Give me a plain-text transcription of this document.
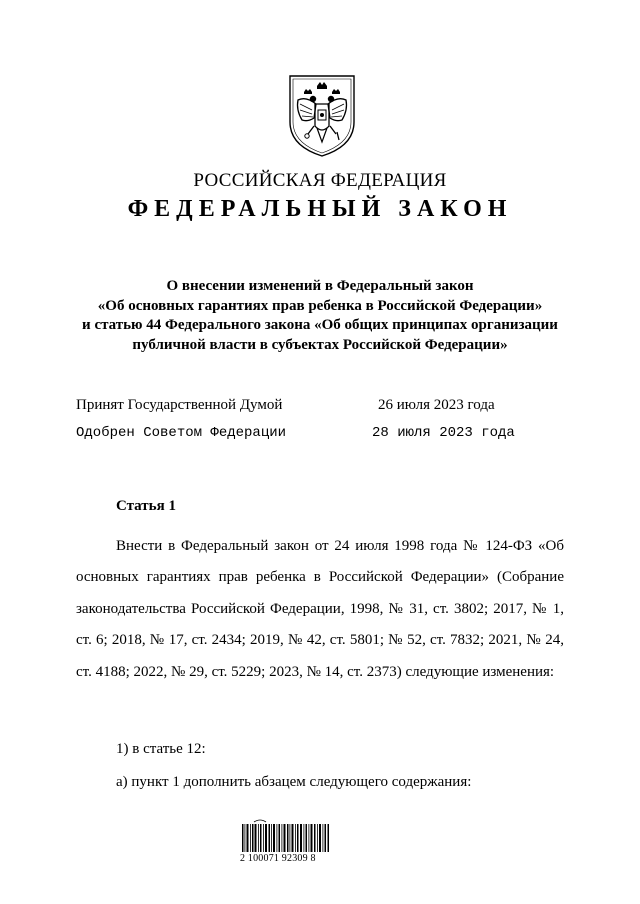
РОССИЙСКАЯ ФЕДЕРАЦИЯ
ФЕДЕРАЛЬНЫЙ ЗАКОН
О внесении изменений в Федеральный закон
«Об основных гарантиях прав ребенка в Российской Федерации»
и статью 44 Федерального закона «Об общих принципах организации
публичной власти в субъектах Российской Федерации»
Принят Государственной Думой	26 июля 2023 года
Одобрен Советом Федерации	28 июля 2023 года
Статья 1
Внести в Федеральный закон от 24 июля 1998 года № 124-ФЗ «Об основных гарантиях прав ребенка в Российской Федерации» (Собрание законодательства Российской Федерации, 1998, № 31, ст. 3802; 2017, № 1, ст. 6; 2018, № 17, ст. 2434; 2019, № 42, ст. 5801; № 52, ст. 7832; 2021, № 24, ст. 4188; 2022, № 29, ст. 5229; 2023, № 14, ст. 2373) следующие изменения:
1) в статье 12:
а) пункт 1 дополнить абзацем следующего содержания:
2 100071 92309 8
